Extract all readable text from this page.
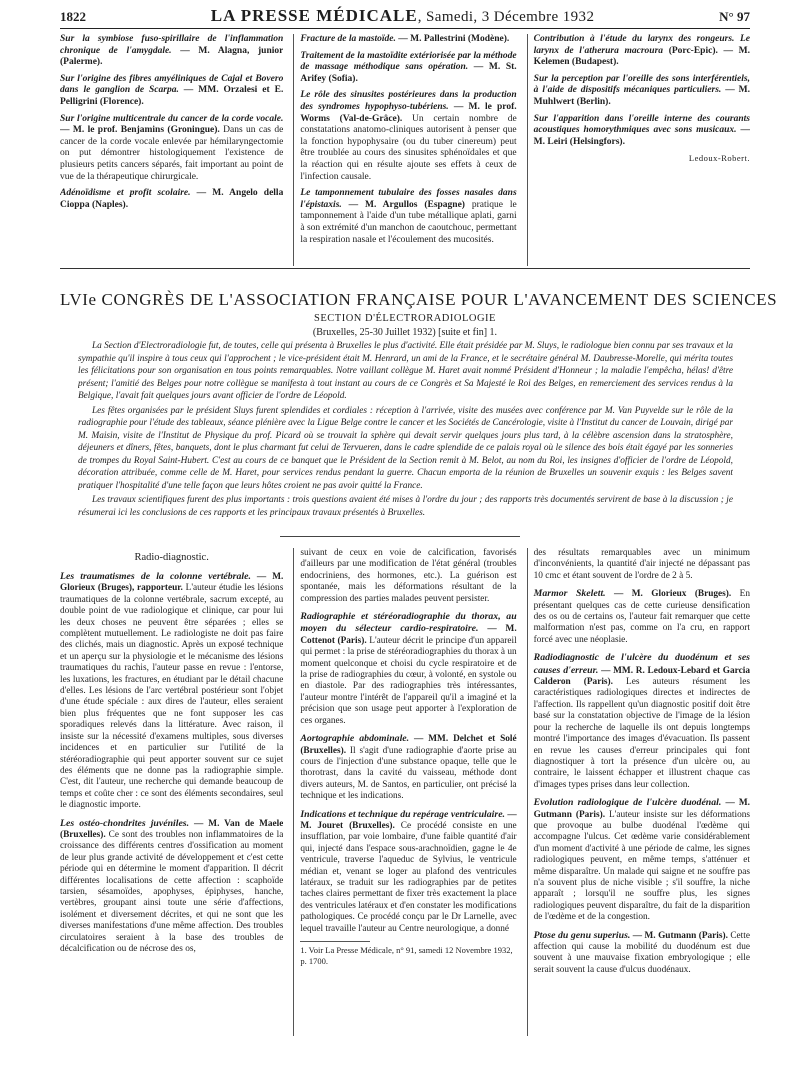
1822	LA PRESSE MÉDICALE, Samedi, 3 Décembre 1932	N° 97

Sur la symbiose fuso-spirillaire de l'inflammation chronique de l'amygdale. — M. Alagna, junior (Palerme).

Sur l'origine des fibres amyéliniques de Cajal et Bovero dans le ganglion de Scarpa. — MM. Orzalesi et E. Pelligrini (Florence).

Sur l'origine multicentrale du cancer de la corde vocale. — M. le prof. Benjamins (Groningue). Dans un cas de cancer de la corde vocale enlevée par hémilaryngectomie on put démontrer histologiquement l'existence de plusieurs petits cancers séparés, fait important au point de vue de la thérapeutique chirurgicale.

Adénoïdisme et profit scolaire. — M. Angelo della Cioppa (Naples).

Fracture de la mastoïde. — M. Pallestrini (Modène).

Traitement de la mastoïdite extériorisée par la méthode de massage méthodique sans opération. — M. St. Arifey (Sofia).

Le rôle des sinusites postérieures dans la production des syndromes hypophyso-tubériens. — M. le prof. Worms (Val-de-Grâce). Un certain nombre de constatations anatomo-cliniques autorisent à penser que la fonction hypophysaire (ou du tuber cinereum) peut être troublée au cours des sinusites sphénoïdales et que la réaction qui en résulte ajoute ses effets à ceux de l'infection causale.

Le tamponnement tubulaire des fosses nasales dans l'épistaxis. — M. Argullos (Espagne) pratique le tamponnement à l'aide d'un tube métallique aplati, garni à son extrémité d'un manchon de caoutchouc, permettant la respiration nasale et l'écoulement des mucosités.

Contribution à l'étude du larynx des rongeurs. Le larynx de l'atherura macroura (Porc-Epic). — M. Kelemen (Budapest).

Sur la perception par l'oreille des sons interférentiels, à l'aide de dispositifs mécaniques particuliers. — M. Muhlwert (Berlin).

Sur l'apparition dans l'oreille interne des courants acoustiques homorythmiques avec sons musicaux. — M. Leiri (Helsingfors).

Ledoux-Robert.

LVIe CONGRÈS DE L'ASSOCIATION FRANÇAISE POUR L'AVANCEMENT DES SCIENCES

SECTION D'ÉLECTRORADIOLOGIE

(Bruxelles, 25-30 Juillet 1932) [suite et fin] 1.

La Section d'Electroradiologie fut, de toutes, celle qui présenta à Bruxelles le plus d'activité. Elle était présidée par M. Sluys, le radiologue bien connu par ses travaux et la sympathie qu'il inspire à tous ceux qui l'approchent ; le vice-président était M. Henrard, un ami de la France, et le secrétaire général M. Daubresse-Morelle, qui mérita toutes les félicitations pour son organisation en tous points remarquables. Notre vaillant collègue M. Haret avait nommé Président d'Honneur ; la maladie l'empêcha, hélas! d'être présent; l'amitié des Belges pour notre collègue se manifesta à tout instant au cours de ce Congrès et Sa Majesté le Roi des Belges, en remerciement des services rendus à la Belgique, l'avait fait quelques jours avant officier de l'ordre de Léopold.

Les fêtes organisées par le président Sluys furent splendides et cordiales : réception à l'arrivée, visite des musées avec conférence par M. Van Puyvelde sur le rôle de la radiographie pour l'étude des tableaux, séance plénière avec la Ligue Belge contre le cancer et les Sociétés de Cancérologie, visite à l'Institut du cancer de Louvain, dirigé par M. Maisin, visite de l'Institut de Physique du prof. Picard où se trouvait la sphère qui devait servir quelques jours plus tard, à la célèbre ascension dans la stratosphère, déjeuners et dîners, fêtes, banquets, dont le plus charmant fut celui de Tervueren, dans le cadre splendide de ce palais royal où le silence des bois était égayé par les sonneries de trompes du Royal Saint-Hubert. C'est au cours de ce banquet que le Président de la Section remit à M. Belot, au nom du Roi, les insignes d'officier de l'ordre de Léopold, décoration attribuée, comme celle de M. Haret, pour services rendus pendant la guerre. Chacun emporta de la réunion de Bruxelles un souvenir exquis : les Belges savent pratiquer l'hospitalité d'une telle façon que leurs hôtes croient ne pas avoir quitté la France.

Les travaux scientifiques furent des plus importants : trois questions avaient été mises à l'ordre du jour ; des rapports très documentés servirent de base à la discussion ; je résumerai ici les conclusions de ces rapports et les principaux travaux présentés à Bruxelles.

Radio-diagnostic.

Les traumatismes de la colonne vertébrale. — M. Glorieux (Bruges), rapporteur. L'auteur étudie les lésions traumatiques de la colonne vertébrale, sacrum excepté, au double point de vue radiologique et clinique, car pour lui les deux choses ne peuvent être séparées ; elles se complètent mutuellement. Le radiologiste ne doit pas faire des clichés, mais un diagnostic. Après un exposé technique et un aperçu sur la physiologie et le mécanisme des lésions traumatiques du rachis, l'auteur passe en revue : l'entorse, les luxations, les fractures, en étudiant par le détail chacune d'elles. Les lésions de l'arc vertébral postérieur sont l'objet d'une étude spéciale : aux dires de l'auteur, elles seraient bien plus fréquentes que ne font supposer les cas sporadiques relevés dans la littérature. Avec raison, il insiste sur la nécessité d'examens multiples, sous diverses incidences et en particulier sur l'utilité de la stéréoradiographie qui peut apporter souvent sur ce sujet des éléments que ne donne pas la radiographie simple. C'est, dit l'auteur, une recherche qui demande beaucoup de temps et coûte cher : ce sont des éléments secondaires, seul le diagnostic importe.

Les ostéo-chondrites juvéniles. — M. Van de Maele (Bruxelles). Ce sont des troubles non inflammatoires de la croissance des différents centres d'ossification au moment de leur plus grande activité de développement et c'est cette période qui en détermine le moment d'apparition. Il décrit différentes localisations de cette affection : scaphoïde tarsien, sésamoïdes, apophyses, épiphyses, hanche, vertèbres, groupant ainsi toute une série d'affections, isolément et diversement décrites, et qui ne sont que les diverses manifestations d'une même affection. Des troubles circulatoires seraient à la base des troubles de décalcification ou de nécrose des os,

suivant de ceux en voie de calcification, favorisés d'ailleurs par une modification de l'état général (troubles endocriniens, des hormones, etc.). La guérison est spontanée, mais les déformations résultant de la compression des parties malades peuvent persister.

Radiographie et stéréoradiographie du thorax, au moyen du sélecteur cardio-respiratoire. — M. Cottenot (Paris). L'auteur décrit le principe d'un appareil qui permet : la prise de stéréoradiographies du thorax à un moment quelconque et choisi du cycle respiratoire et de la prise de radiographies du cœur, à volonté, en systole ou en diastole. Par des radiographies très intéressantes, l'auteur montre l'intérêt de l'appareil qu'il a imaginé et la précision que son usage peut apporter à l'exploration de ces organes.

Aortographie abdominale. — MM. Delchet et Solé (Bruxelles). Il s'agit d'une radiographie d'aorte prise au cours de l'injection d'une substance opaque, telle que le thorotrast, dans la cavité du vaisseau, méthode dont divers auteurs, M. de Santos, en particulier, ont précisé la technique et les indications.

Indications et technique du repérage ventriculaire. — M. Jouret (Bruxelles). Ce procédé consiste en une insufflation, par voie lombaire, d'une faible quantité d'air qui, injecté dans l'espace sous-arachnoïdien, gagne le 4e ventricule, traverse l'aqueduc de Sylvius, le ventricule médian et, venant se loger au plafond des ventricules latéraux, se traduit sur les radiographies par de petites taches claires permettant de fixer très exactement la place des ventricules latéraux et d'en constater les modifications pathologiques. Ce procédé conçu par le Dr Larnelle, avec lequel travaille l'auteur au Centre neurologique, a donné

1. Voir La Presse Médicale, n° 91, samedi 12 Novembre 1932, p. 1700.

des résultats remarquables avec un minimum d'inconvénients, la quantité d'air injecté ne dépassant pas 10 cmc et étant souvent de l'ordre de 2 à 5.

Marmor Skelett. — M. Glorieux (Bruges). En présentant quelques cas de cette curieuse densification des os ou de certains os, l'auteur fait remarquer que cette malformation n'est pas, comme on l'a cru, en rapport forcé avec une néoplasie.

Radiodiagnostic de l'ulcère du duodénum et ses causes d'erreur. — MM. R. Ledoux-Lebard et Garcia Calderon (Paris). Les auteurs résument les caractéristiques radiologiques directes et indirectes de l'affection. Ils rappellent qu'un diagnostic positif doit être basé sur la constatation objective de l'image de la lésion pour la recherche de laquelle ils ont depuis longtemps montré l'importance des images d'évacuation. Ils passent en revue les causes d'erreur principales qui font diagnostiquer à tort la présence d'un ulcère ou, au contraire, le laissent échapper et illustrent chaque cas d'images types prises dans leur collection.

Evolution radiologique de l'ulcère duodénal. — M. Gutmann (Paris). L'auteur insiste sur les déformations que provoque au bulbe duodénal l'œdème qui accompagne l'ulcus. Cet œdème varie considérablement d'un moment d'activité à une période de calme, les signes radiologiques peuvent, en même temps, s'atténuer et même disparaître. Un malade qui saigne et ne souffre pas n'a souvent plus de niche visible ; s'il souffre, la niche apparaît ; lorsqu'il ne souffre plus, les signes radiologiques peuvent disparaître, du fait de la disparition de l'œdème et de la congestion.

Ptose du genu superius. — M. Gutmann (Paris). Cette affection qui cause la mobilité du duodénum est due souvent à une mauvaise fixation embryologique ; elle serait souvent la cause d'ulcus duodénaux.
